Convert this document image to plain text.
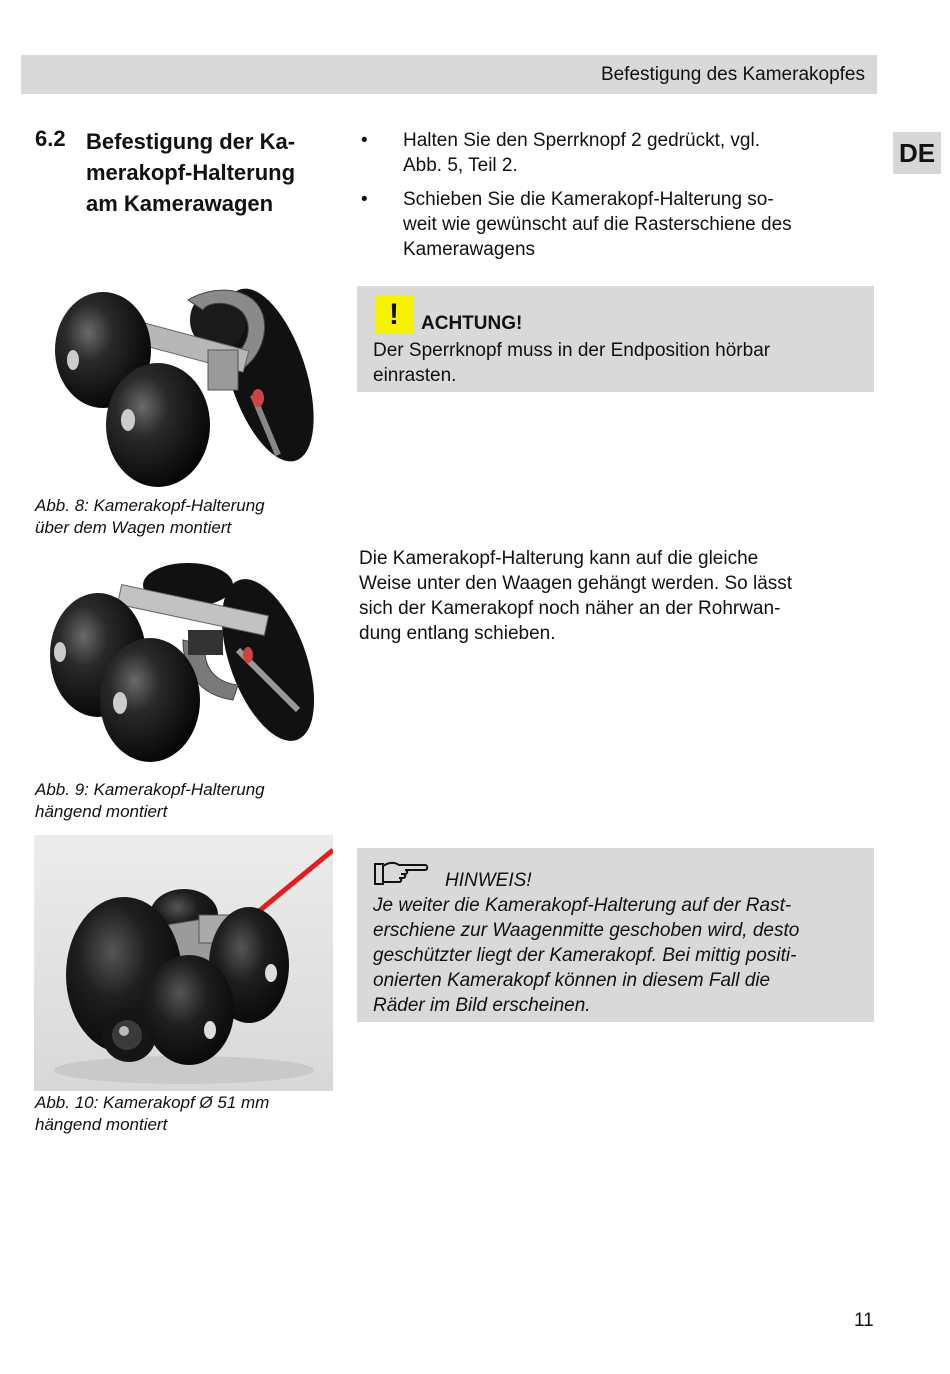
Befestigung des Kamerakopfes
DE
6.2 Befestigung der Ka-
merakopf-Halterung
am Kamerawagen
• Halten Sie den Sperrknopf 2 gedrückt, vgl.
Abb. 5, Teil 2.
• Schieben Sie die Kamerakopf-Halterung so-
weit wie gewünscht auf die Rasterschiene des
Kamerawagens
!	ACHTUNG!
Der Sperrknopf muss in der Endposition hörbar
einrasten.
Abb. 8: Kamerakopf-Halterung
über dem Wagen montiert
Die Kamerakopf-Halterung kann auf die gleiche
Weise unter den Waagen gehängt werden. So lässt
sich der Kamerakopf noch näher an der Rohrwan-
dung entlang schieben.
Abb. 9: Kamerakopf-Halterung
hängend montiert
Abb. 10: Kamerakopf Ø 51 mm
hängend montiert
HINWEIS!
Je weiter die Kamerakopf-Halterung auf der Rast-
erschiene zur Waagenmitte geschoben wird, desto
geschützter liegt der Kamerakopf. Bei mittig positi-
onierten Kamerakopf können in diesem Fall die
Räder im Bild erscheinen.
11
